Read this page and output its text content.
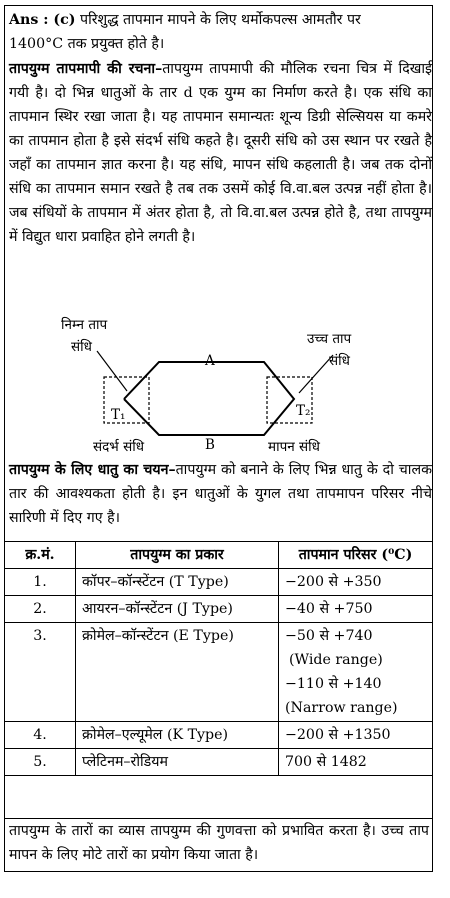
Ans : (c) परिशुद्ध तापमान मापने के लिए थर्मोकपल्स आमतौर पर
1400°C तक प्रयुक्त होते है।
तापयुग्म तापमापी की रचना–तापयुग्म तापमापी की मौलिक रचना चित्र में दिखाई गयी है। दो भिन्न धातुओं के तार d एक युग्म का निर्माण करते है। एक संधि का तापमान स्थिर रखा जाता है। यह तापमान समान्यतः शून्य डिग्री सेल्सियस या कमरे का तापमान होता है इसे संदर्भ संधि कहते है। दूसरी संधि को उस स्थान पर रखते है जहाँ का तापमान ज्ञात करना है। यह संधि, मापन संधि कहलाती है। जब तक दोनों संधि का तापमान समान रखते है तब तक उसमें कोई वि.वा.बल उत्पन्न नहीं होता है। जब संधियों के तापमान में अंतर होता है, तो वि.वा.बल उत्पन्न होते है, तथा तापयुग्म में विद्युत धारा प्रवाहित होने लगती है।
निम्न ताप
संधि	उच्च ताप
संधि
A
B
T₁	T₂
संदर्भ संधि	मापन संधि
तापयुग्म के लिए धातु का चयन–तापयुग्म को बनाने के लिए भिन्न धातु के दो चालक तार की आवश्यकता होती है। इन धातुओं के युगल तथा तापमापन परिसर नीचे सारिणी में दिए गए है।
क्र.मं.	तापयुग्म का प्रकार	तापमान परिसर (⁰C)
1.	कॉपर–कॉन्स्टेंटन (T Type)	−200 से +350
2.	आयरन–कॉन्स्टेंटन (J Type)	−40 से +750
3.	क्रोमेल–कॉन्स्टेंटन (E Type)	−50 से +740
(Wide range)
−110 से +140
(Narrow range)

4.	क्रोमेल–एल्यूमेल (K Type)	−200 से +1350
5.	प्लेटिनम–रोडियम	700 से 1482
तापयुग्म के तारों का व्यास तापयुग्म की गुणवत्ता को प्रभावित करता है। उच्च ताप मापन के लिए मोटे तारों का प्रयोग किया जाता है।
